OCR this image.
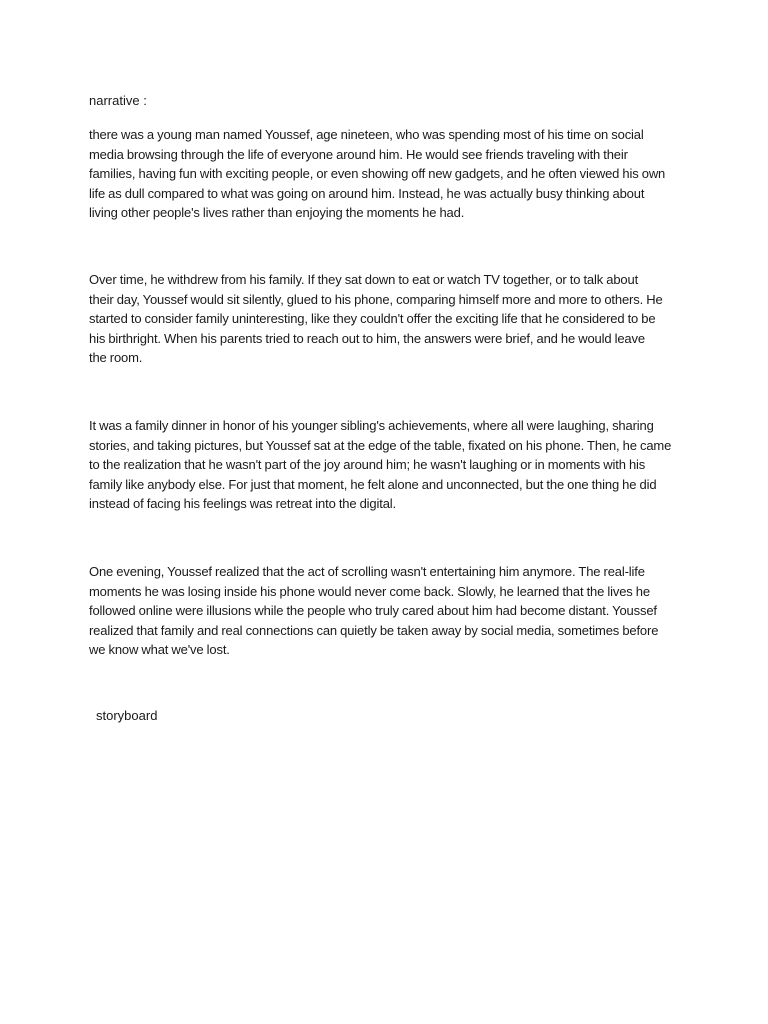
narrative :

there was a young man named Youssef, age nineteen, who was spending most of his time on social
media browsing through the life of everyone around him. He would see friends traveling with their
families, having fun with exciting people, or even showing off new gadgets, and he often viewed his own
life as dull compared to what was going on around him. Instead, he was actually busy thinking about
living other people's lives rather than enjoying the moments he had.

Over time, he withdrew from his family. If they sat down to eat or watch TV together, or to talk about
their day, Youssef would sit silently, glued to his phone, comparing himself more and more to others. He
started to consider family uninteresting, like they couldn't offer the exciting life that he considered to be
his birthright. When his parents tried to reach out to him, the answers were brief, and he would leave
the room.

It was a family dinner in honor of his younger sibling's achievements, where all were laughing, sharing
stories, and taking pictures, but Youssef sat at the edge of the table, fixated on his phone. Then, he came
to the realization that he wasn't part of the joy around him; he wasn't laughing or in moments with his
family like anybody else. For just that moment, he felt alone and unconnected, but the one thing he did
instead of facing his feelings was retreat into the digital.

One evening, Youssef realized that the act of scrolling wasn't entertaining him anymore. The real-life
moments he was losing inside his phone would never come back. Slowly, he learned that the lives he
followed online were illusions while the people who truly cared about him had become distant. Youssef
realized that family and real connections can quietly be taken away by social media, sometimes before
we know what we've lost.

storyboard
